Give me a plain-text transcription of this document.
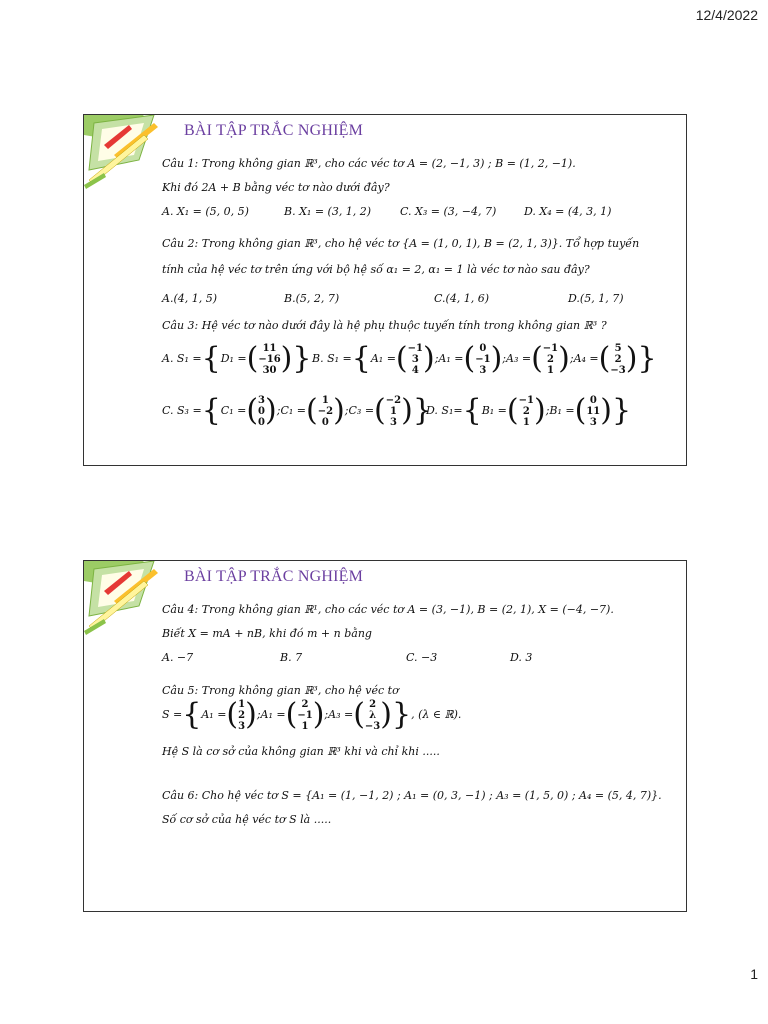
12/4/2022
BÀI TẬP TRẮC NGHIỆM
Câu 1: Trong không gian ℝ³, cho các véc tơ A = (2, −1, 3) ; B = (1, 2, −1).
Khi đó 2A + B bằng véc tơ nào dưới đây?
A. X₁ = (5, 0, 5)	B. X₁ = (3, 1, 2)	C. X₃ = (3, −4, 7)	D. X₄ = (4, 3, 1)
Câu 2: Trong không gian ℝ³, cho hệ véc tơ {A = (1, 0, 1), B = (2, 1, 3)}. Tổ hợp tuyến
tính của hệ véc tơ trên ứng với bộ hệ số α₁ = 2, α₁ = 1 là véc tơ nào sau đây?
A.(4, 1, 5)	B.(5, 2, 7)	C.(4, 1, 6)	D.(5, 1, 7)
Câu 3: Hệ véc tơ nào dưới đây là hệ phụ thuộc tuyến tính trong không gian ℝ³ ?
A. S₁ ={D₁ =( 11
−16
30 )} B. S₁ ={A₁ =(−1
3
4 );A₁ =( 0
−1
3 );A₃ =(−1
2
1 );A₄ =( 5
2
−3)}
C. S₃ ={C₁ =(3
0
0);C₁ =( 1
−2
0 );C₃ =(−2
1
3 )}
D. S₁={B₁ =(−1
2
1 );B₁ =( 0
11
3 )}
BÀI TẬP TRẮC NGHIỆM
Câu 4: Trong không gian ℝ¹, cho các véc tơ A = (3, −1), B = (2, 1), X = (−4, −7).
Biết X = mA + nB, khi đó m + n bằng
A. −7	B. 7	C. −3	D. 3
Câu 5: Trong không gian ℝ³, cho hệ véc tơ
S ={A₁ =(1
2
3);A₁ =( 2
−1
1 );A₃ =( 2
λ
−3)}, (λ ∈ ℝ).
Hệ S là cơ sở của không gian ℝ³ khi và chỉ khi .....
Câu 6: Cho hệ véc tơ S = {A₁ = (1, −1, 2) ; A₁ = (0, 3, −1) ; A₃ = (1, 5, 0) ; A₄ = (5, 4, 7)}.
Số cơ sở của hệ véc tơ S là .....
1
